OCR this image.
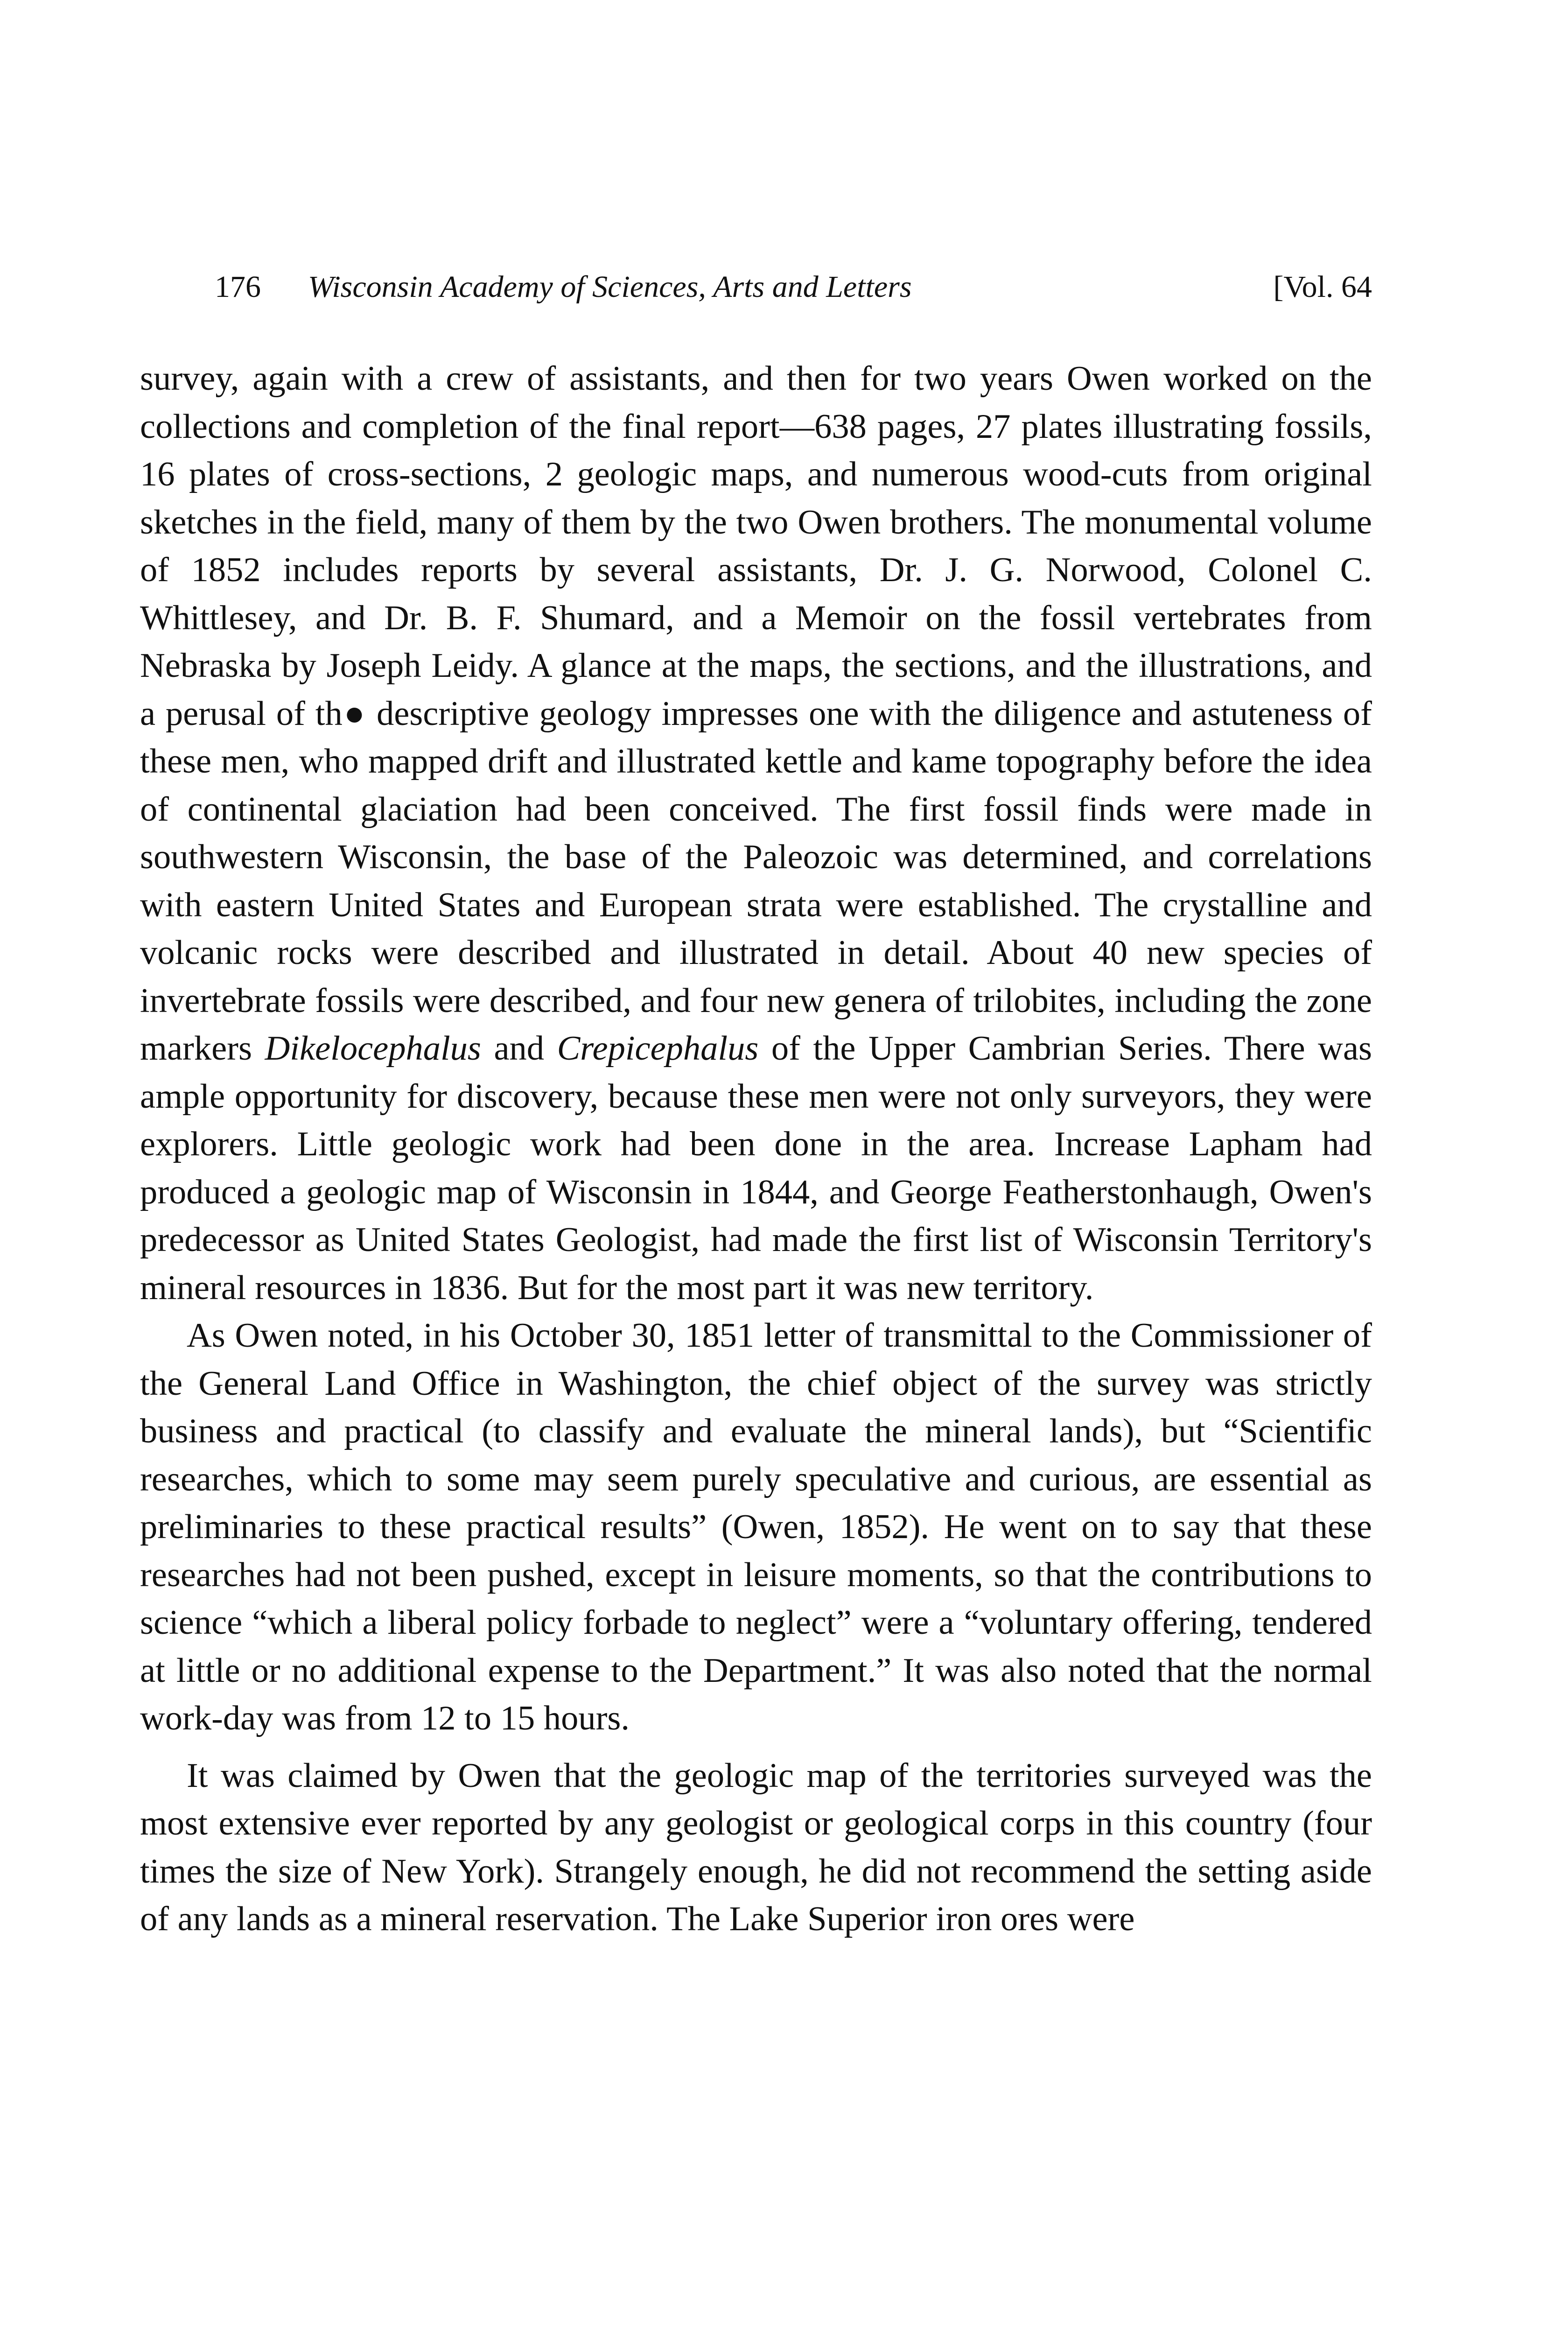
176 Wisconsin Academy of Sciences, Arts and Letters	[Vol. 64

survey, again with a crew of assistants, and then for two years Owen worked on the collections and completion of the final report—638 pages, 27 plates illustrating fossils, 16 plates of cross-sections, 2 geologic maps, and numerous wood-cuts from original sketches in the field, many of them by the two Owen brothers. The monumental volume of 1852 includes reports by several assistants, Dr. J. G. Norwood, Colonel C. Whittlesey, and Dr. B. F. Shumard, and a Memoir on the fossil vertebrates from Nebraska by Joseph Leidy. A glance at the maps, the sections, and the illustrations, and a perusal of th● descriptive geology impresses one with the diligence and astuteness of these men, who mapped drift and illustrated kettle and kame topography before the idea of continental glaciation had been conceived. The first fossil finds were made in southwestern Wisconsin, the base of the Paleozoic was determined, and correlations with eastern United States and European strata were established. The crystalline and volcanic rocks were described and illustrated in detail. About 40 new species of invertebrate fossils were described, and four new genera of trilobites, including the zone markers Dikelocephalus and Crepicephalus of the Upper Cambrian Series. There was ample opportunity for discovery, because these men were not only surveyors, they were explorers. Little geologic work had been done in the area. Increase Lapham had produced a geologic map of Wisconsin in 1844, and George Featherstonhaugh, Owen's predecessor as United States Geologist, had made the first list of Wisconsin Territory's mineral resources in 1836. But for the most part it was new territory.

As Owen noted, in his October 30, 1851 letter of transmittal to the Commissioner of the General Land Office in Washington, the chief object of the survey was strictly business and practical (to classify and evaluate the mineral lands), but “Scientific researches, which to some may seem purely speculative and curious, are essential as preliminaries to these practical results” (Owen, 1852). He went on to say that these researches had not been pushed, except in leisure moments, so that the contributions to science “which a liberal policy forbade to neglect” were a “voluntary offering, tendered at little or no additional expense to the Department.” It was also noted that the normal work-day was from 12 to 15 hours.

It was claimed by Owen that the geologic map of the territories surveyed was the most extensive ever reported by any geologist or geological corps in this country (four times the size of New York). Strangely enough, he did not recommend the setting aside of any lands as a mineral reservation. The Lake Superior iron ores were
